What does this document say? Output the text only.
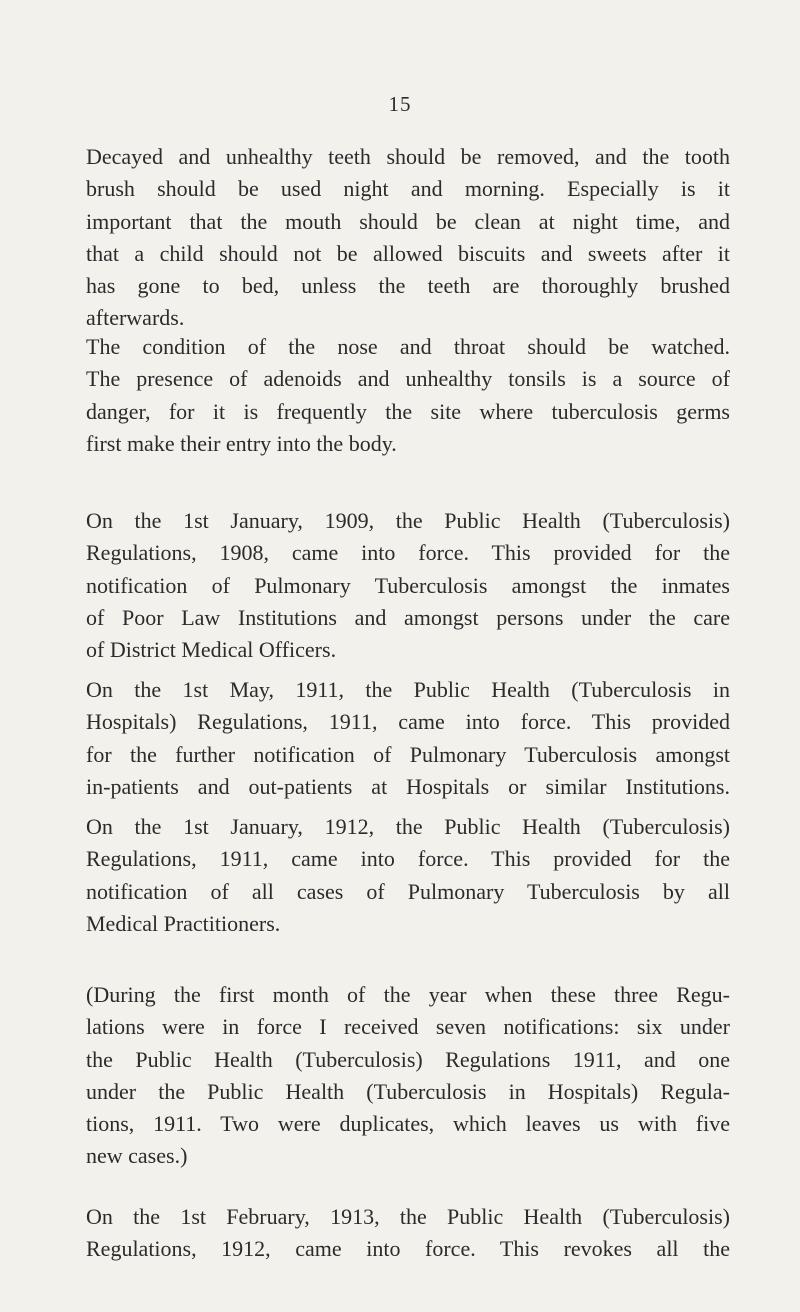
15
Decayed and unhealthy teeth should be removed, and the tooth
brush should be used night and morning. Especially is it
important that the mouth should be clean at night time, and
that a child should not be allowed biscuits and sweets after it
has gone to bed, unless the teeth are thoroughly brushed
afterwards.
The condition of the nose and throat should be watched.
The presence of adenoids and unhealthy tonsils is a source of
danger, for it is frequently the site where tuberculosis germs
first make their entry into the body.
On the 1st January, 1909, the Public Health (Tuberculosis)
Regulations, 1908, came into force. This provided for the
notification of Pulmonary Tuberculosis amongst the inmates
of Poor Law Institutions and amongst persons under the care
of District Medical Officers.
On the 1st May, 1911, the Public Health (Tuberculosis in
Hospitals) Regulations, 1911, came into force. This provided
for the further notification of Pulmonary Tuberculosis amongst
in-patients and out-patients at Hospitals or similar Institutions.
On the 1st January, 1912, the Public Health (Tuberculosis)
Regulations, 1911, came into force. This provided for the
notification of all cases of Pulmonary Tuberculosis by all
Medical Practitioners.
(During the first month of the year when these three Regu-
lations were in force I received seven notifications: six under
the Public Health (Tuberculosis) Regulations 1911, and one
under the Public Health (Tuberculosis in Hospitals) Regula-
tions, 1911. Two were duplicates, which leaves us with five
new cases.)
On the 1st February, 1913, the Public Health (Tuberculosis)
Regulations, 1912, came into force. This revokes all the
